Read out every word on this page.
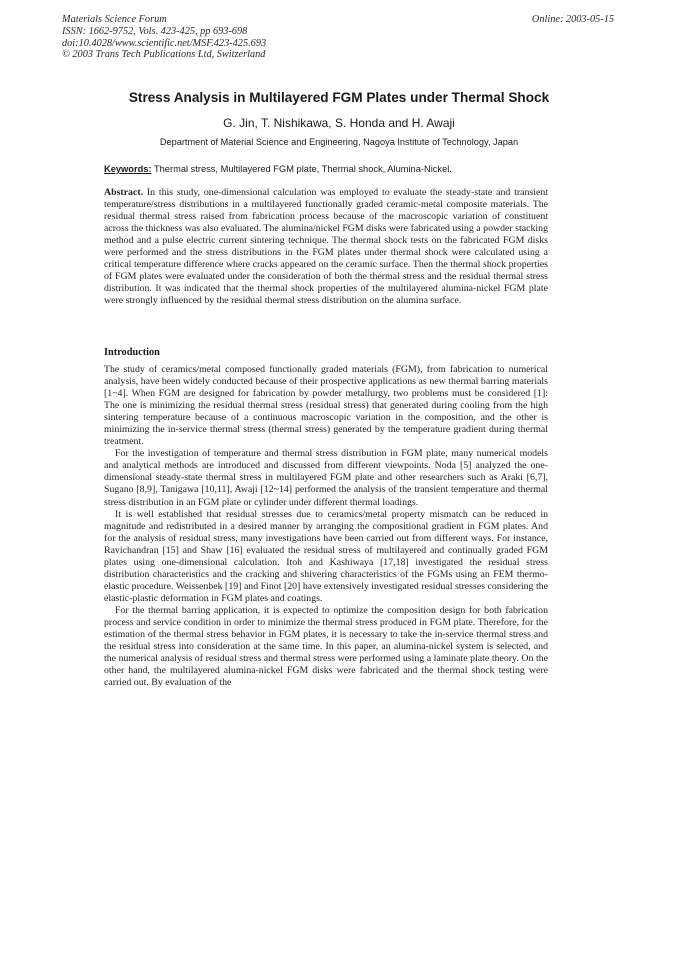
Materials Science Forum
ISSN: 1662-9752, Vols. 423-425, pp 693-698
doi:10.4028/www.scientific.net/MSF.423-425.693
© 2003 Trans Tech Publications Ltd, Switzerland
Online: 2003-05-15
Stress Analysis in Multilayered FGM Plates under Thermal Shock
G. Jin, T. Nishikawa, S. Honda and H. Awaji
Department of Material Science and Engineering, Nagoya Institute of Technology, Japan
Keywords: Thermal stress, Multilayered FGM plate, Thermal shock, Alumina-Nickel.

Abstract. In this study, one-dimensional calculation was employed to evaluate the steady-state and transient temperature/stress distributions in a multilayered functionally graded ceramic-metal composite materials. The residual thermal stress raised from fabrication process because of the macroscopic variation of constituent across the thickness was also evaluated. The alumina/nickel FGM disks were fabricated using a powder stacking method and a pulse electric current sintering technique. The thermal shock tests on the fabricated FGM disks were performed and the stress distributions in the FGM plates under thermal shock were calculated using a critical temperature difference where cracks appeared on the ceramic surface. Then the thermal shock properties of FGM plates were evaluated under the consideration of both the thermal stress and the residual thermal stress distribution. It was indicated that the thermal shock properties of the multilayered alumina-nickel FGM plate were strongly influenced by the residual thermal stress distribution on the alumina surface.

Introduction

The study of ceramics/metal composed functionally graded materials (FGM), from fabrication to numerical analysis, have been widely conducted because of their prospective applications as new thermal barring materials [1~4]. When FGM are designed for fabrication by powder metallurgy, two problems must be considered [1]: The one is minimizing the residual thermal stress (residual stress) that generated during cooling from the high sintering temperature because of a continuous macroscopic variation in the composition, and the other is minimizing the in-service thermal stress (thermal stress) generated by the temperature gradient during thermal treatment.

For the investigation of temperature and thermal stress distribution in FGM plate, many numerical models and analytical methods are introduced and discussed from different viewpoints. Noda [5] analyzed the one-dimensional steady-state thermal stress in multilayered FGM plate and other researchers such as Araki [6,7], Sugano [8,9], Tanigawa [10,11], Awaji [12~14] performed the analysis of the transient temperature and thermal stress distribution in an FGM plate or cylinder under different thermal loadings.

It is well established that residual stresses due to ceramics/metal property mismatch can be reduced in magnitude and redistributed in a desired manner by arranging the compositional gradient in FGM plates. And for the analysis of residual stress, many investigations have been carried out from different ways. For instance, Ravichandran [15] and Shaw [16] evaluated the residual stress of multilayered and continually graded FGM plates using one-dimensional calculation. Itoh and Kashiwaya [17,18] investigated the residual stress distribution characteristics and the cracking and shivering characteristics of the FGMs using an FEM thermo-elastic procedure. Weissenbek [19] and Finot [20] have extensively investigated residual stresses considering the elastic-plastic deformation in FGM plates and coatings.

For the thermal barring application, it is expected to optimize the composition design for both fabrication process and service condition in order to minimize the thermal stress produced in FGM plate. Therefore, for the estimation of the thermal stress behavior in FGM plates, it is necessary to take the in-service thermal stress and the residual stress into consideration at the same time. In this paper, an alumina-nickel system is selected, and the numerical analysis of residual stress and thermal stress were performed using a laminate plate theory. On the other hand, the multilayered alumina-nickel FGM disks were fabricated and the thermal shock testing were carried out. By evaluation of the
